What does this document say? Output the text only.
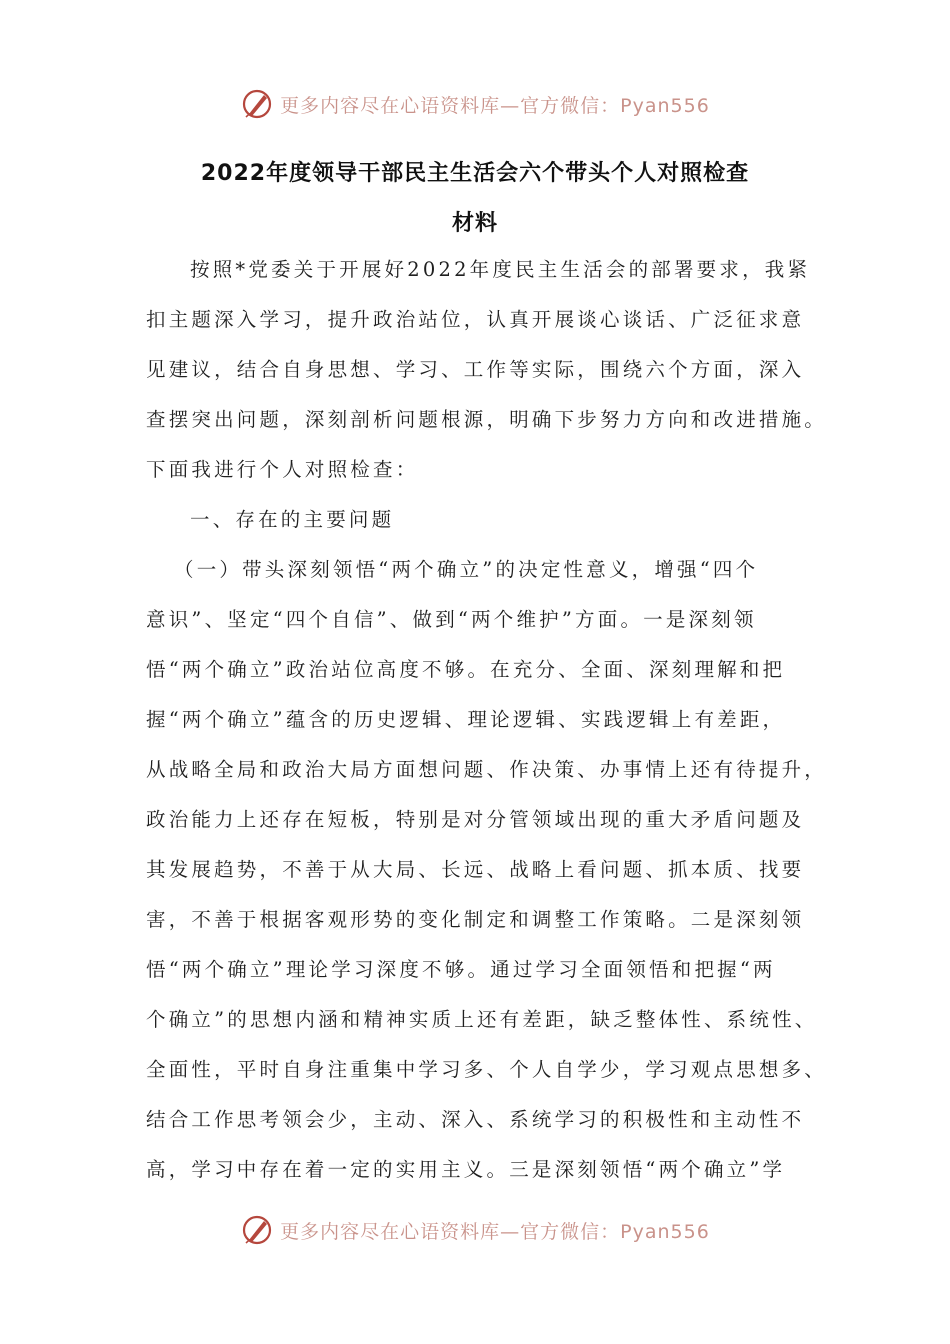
更多内容尽在心语资料库—官方微信：Pyan556
2022年度领导干部民主生活会六个带头个人对照检查
材料
按照*党委关于开展好2022年度民主生活会的部署要求，我紧
扣主题深入学习，提升政治站位，认真开展谈心谈话、广泛征求意
见建议，结合自身思想、学习、工作等实际，围绕六个方面，深入
查摆突出问题，深刻剖析问题根源，明确下步努力方向和改进措施。
下面我进行个人对照检查：
一、存在的主要问题
（一）带头深刻领悟“两个确立”的决定性意义，增强“四个
意识”、坚定“四个自信”、做到“两个维护”方面。一是深刻领
悟“两个确立”政治站位高度不够。在充分、全面、深刻理解和把
握“两个确立”蕴含的历史逻辑、理论逻辑、实践逻辑上有差距，
从战略全局和政治大局方面想问题、作决策、办事情上还有待提升，
政治能力上还存在短板，特别是对分管领域出现的重大矛盾问题及
其发展趋势，不善于从大局、长远、战略上看问题、抓本质、找要
害，不善于根据客观形势的变化制定和调整工作策略。二是深刻领
悟“两个确立”理论学习深度不够。通过学习全面领悟和把握“两
个确立”的思想内涵和精神实质上还有差距，缺乏整体性、系统性、
全面性，平时自身注重集中学习多、个人自学少，学习观点思想多、
结合工作思考领会少，主动、深入、系统学习的积极性和主动性不
高，学习中存在着一定的实用主义。三是深刻领悟“两个确立”学
更多内容尽在心语资料库—官方微信：Pyan556
